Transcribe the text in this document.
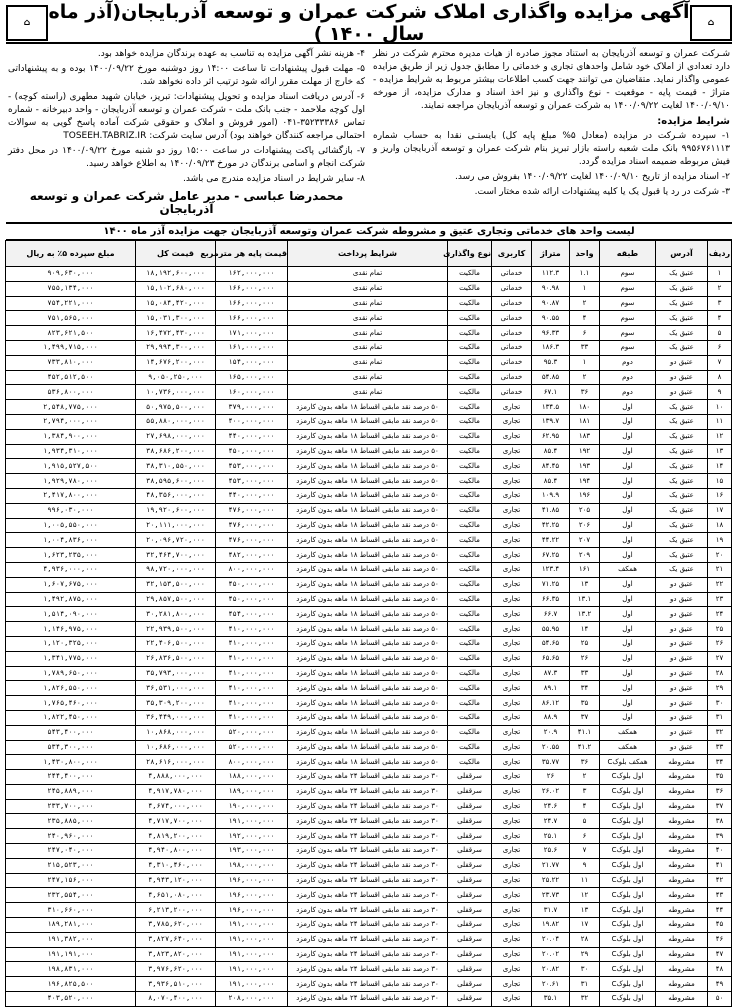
⌂
آگهی مزایده واگذاری املاک شرکت عمران و توسعه آذربایجان(آذر ماه سال ۱۴۰۰ )
⌂

شـرکت عمران و توسعه آذربایجان به استناد مجوز صادره از هیات مدیره محترم شرکت در نظر دارد تعدادی از املاک خود شامل واحدهای تجاری و خدماتی را مطابق جدول زیر از طریق مزایده عمومی واگذار نماید. متقاضیان می توانند جهت کسب اطلاعات بیشتر مربوط به شرایط مزایده - متراژ - قیمت پایه - موقعیت - نوع واگذاری و نیز اخذ اسناد و مدارک مزایده، از مورخه ۱۴۰۰/۰۹/۱۰ لغایت ۱۴۰۰/۰۹/۲۲ به شرکت عمران و توسعه آذربایجان مراجعه نمایند.

شرایط مزایده:

۱- سپرده شـرکت در مزایده (معادل ۵% مبلغ پایه کل) بایستـی نقدا به حساب شماره ۹۹۵۶۷۶۱۱۱۳ بانک ملت شعبه راسته بازار تبریز بنام شرکت عمران و توسعه آذربایجان واریز و فیش مربوطه ضمیمه اسناد مزایده گردد.

۲- اسناد مزایده از تاریخ ۱۴۰۰/۰۹/۱۰ لغایت ۱۴۰۰/۰۹/۲۲ بفروش می رسد.

۳- شرکت در رد یا قبول یک یا کلیه پیشنهادات ارائه شده مختار است.

۴- هزینه نشر آگهی مزایده به تناسب به عهده برندگان مزایده خواهد بود.

۵- مهلت قبول پیشنهادات تا ساعت ۱۴:۰۰ روز دوشنبه مورخ ۱۴۰۰/۰۹/۲۲ بوده و به پیشنهاداتی که خارج از مهلت مقرر ارائه شود ترتیب اثر داده نخواهد شد.

۶- آدرس دریافت اسناد مزایده و تحویل پیشنهادات: تبریز، خیابان شهید مطهری (راسته کوچه) - اول کوچه ملاحمد - جنب بانک ملت - شرکت عمران و توسعه آذربایجان - واحد دبیرخانه - شماره تماس ۳۵۲۳۳۳۸۶-۰۴۱ (امور فروش و املاک و حقوقی شرکت آماده پاسخ گویی به سوالات احتمالی مراجعه کنندگان خواهند بود) آدرس سایت شرکت: TOSEEH.TABRIZ.IR

۷- بازگشائی پاکت پیشنهادات در ساعت ۱۵:۰۰ روز دو شنبه مورخ ۱۴۰۰/۰۹/۲۲ در محل دفتر شرکت انجام و اسامی برندگان در مورخ ۱۴۰۰/۰۹/۲۳ به اطلاع خواهد رسید.

۸- سایر شرایط در اسناد مزایده مندرج می باشد.

محمدرضا عباسی - مدیر عامل شرکت عمران و توسعه آذربایجان
لیست واحد های خدماتی وتجاری عتیق و مشروطه شرکت عمران وتوسعه آذربایجان جهت مزایده آذر ماه ۱۴۰۰
ردیف	آدرس	طبقه	واحد	متراژ	کاربری	نوع واگذاری	شرایط پرداخت	قیمت پایه هر مترمربع	قیمت کل	مبلغ سپرده ۵٪ به ریال
۱	عتیق یک	سوم	۱.۱	۱۱۲.۳	خدماتی	مالکیت	تمام نقدی	۱۶۲,۰۰۰,۰۰۰	۱۸,۱۹۲,۶۰۰,۰۰۰	۹۰۹,۶۳۰,۰۰۰
۲	عتیق یک	سوم	۱	۹۰.۹۸	خدماتی	مالکیت	تمام نقدی	۱۶۶,۰۰۰,۰۰۰	۱۵,۱۰۲,۶۸۰,۰۰۰	۷۵۵,۱۳۴,۰۰۰
۳	عتیق یک	سوم	۲	۹۰.۸۷	خدماتی	مالکیت	تمام نقدی	۱۶۶,۰۰۰,۰۰۰	۱۵,۰۸۴,۴۲۰,۰۰۰	۷۵۴,۲۲۱,۰۰۰
۴	عتیق یک	سوم	۴	۹۰.۵۵	خدماتی	مالکیت	تمام نقدی	۱۶۶,۰۰۰,۰۰۰	۱۵,۰۳۱,۳۰۰,۰۰۰	۷۵۱,۵۶۵,۰۰۰
۵	عتیق یک	سوم	۶	۹۶.۳۳	خدماتی	مالکیت	تمام نقدی	۱۷۱,۰۰۰,۰۰۰	۱۶,۴۷۲,۴۳۰,۰۰۰	۸۲۳,۶۲۱,۵۰۰
۶	عتیق یک	سوم	۳۳	۱۸۶.۳	خدماتی	مالکیت	تمام نقدی	۱۶۱,۰۰۰,۰۰۰	۲۹,۹۹۴,۳۰۰,۰۰۰	۱,۴۹۹,۷۱۵,۰۰۰
۷	عتیق دو	دوم	۱	۹۵.۳	خدماتی	مالکیت	تمام نقدی	۱۵۴,۰۰۰,۰۰۰	۱۴,۶۷۶,۲۰۰,۰۰۰	۷۳۳,۸۱۰,۰۰۰
۸	عتیق دو	دوم	۲	۵۴.۸۵	خدماتی	مالکیت	تمام نقدی	۱۶۵,۰۰۰,۰۰۰	۹,۰۵۰,۲۵۰,۰۰۰	۴۵۲,۵۱۲,۵۰۰
۹	عتیق دو	دوم	۳۶	۶۷.۱	خدماتی	مالکیت	تمام نقدی	۱۶۰,۰۰۰,۰۰۰	۱۰,۷۳۶,۰۰۰,۰۰۰	۵۳۶,۸۰۰,۰۰۰
۱۰	عتیق یک	اول	۱۸۰	۱۳۴.۵	تجاری	مالکیت	۵۰ درصد نقد مابقی اقساط ۱۸ ماهه بدون کارمزد	۳۷۹,۰۰۰,۰۰۰	۵۰,۹۷۵,۵۰۰,۰۰۰	۲,۵۴۸,۷۷۵,۰۰۰
۱۱	عتیق یک	اول	۱۸۱	۱۳۹.۷	تجاری	مالکیت	۵۰ درصد نقد مابقی اقساط ۱۸ ماهه بدون کارمزد	۴۰۰,۰۰۰,۰۰۰	۵۵,۸۸۰,۰۰۰,۰۰۰	۲,۷۹۴,۰۰۰,۰۰۰
۱۲	عتیق یک	اول	۱۸۳	۶۲.۹۵	تجاری	مالکیت	۵۰ درصد نقد مابقی اقساط ۱۸ ماهه بدون کارمزد	۴۴۰,۰۰۰,۰۰۰	۲۷,۶۹۸,۰۰۰,۰۰۰	۱,۳۸۴,۹۰۰,۰۰۰
۱۳	عتیق یک	اول	۱۹۲	۸۵.۴	تجاری	مالکیت	۵۰ درصد نقد مابقی اقساط ۱۸ ماهه بدون کارمزد	۴۵۰,۰۰۰,۰۰۰	۳۸,۶۸۶,۲۰۰,۰۰۰	۱,۹۳۴,۳۱۰,۰۰۰
۱۴	عتیق یک	اول	۱۹۳	۸۴.۴۵	تجاری	مالکیت	۵۰ درصد نقد مابقی اقساط ۱۸ ماهه بدون کارمزد	۴۵۳,۰۰۰,۰۰۰	۳۸,۳۱۰,۵۵۰,۰۰۰	۱,۹۱۵,۵۲۷,۵۰۰
۱۵	عتیق یک	اول	۱۹۴	۸۵.۴	تجاری	مالکیت	۵۰ درصد نقد مابقی اقساط ۱۸ ماهه بدون کارمزد	۴۵۳,۰۰۰,۰۰۰	۳۸,۵۹۵,۶۰۰,۰۰۰	۱,۹۲۹,۷۸۰,۰۰۰
۱۶	عتیق یک	اول	۱۹۶	۱۰۹.۹	تجاری	مالکیت	۵۰ درصد نقد مابقی اقساط ۱۸ ماهه بدون کارمزد	۴۴۰,۰۰۰,۰۰۰	۴۸,۳۵۶,۰۰۰,۰۰۰	۲,۴۱۷,۸۰۰,۰۰۰
۱۷	عتیق یک	اول	۲۰۵	۴۱.۸۵	تجاری	مالکیت	۵۰ درصد نقد مابقی اقساط ۱۸ ماهه بدون کارمزد	۴۷۶,۰۰۰,۰۰۰	۱۹,۹۲۰,۶۰۰,۰۰۰	۹۹۶,۰۳۰,۰۰۰
۱۸	عتیق یک	اول	۲۰۶	۴۲.۲۵	تجاری	مالکیت	۵۰ درصد نقد مابقی اقساط ۱۸ ماهه بدون کارمزد	۴۷۶,۰۰۰,۰۰۰	۲۰,۱۱۱,۰۰۰,۰۰۰	۱,۰۰۵,۵۵۰,۰۰۰
۱۹	عتیق یک	اول	۲۰۷	۴۴.۲۲	تجاری	مالکیت	۵۰ درصد نقد مابقی اقساط ۱۸ ماهه بدون کارمزد	۴۷۶,۰۰۰,۰۰۰	۲۰,۰۹۶,۷۲۰,۰۰۰	۱,۰۰۴,۸۳۶,۰۰۰
۲۰	عتیق یک	اول	۲۰۹	۶۷.۲۵	تجاری	مالکیت	۵۰ درصد نقد مابقی اقساط ۱۸ ماهه بدون کارمزد	۴۸۲,۰۰۰,۰۰۰	۳۲,۴۶۴,۷۰۰,۰۰۰	۱,۶۲۳,۲۳۵,۰۰۰
۲۱	عتیق یک	همکف	۱۶۱	۱۲۳.۴	تجاری	مالکیت	۵۰ درصد نقد مابقی اقساط ۱۸ ماهه بدون کارمزد	۸۰۰,۰۰۰,۰۰۰	۹۸,۷۲۰,۰۰۰,۰۰۰	۴,۹۳۶,۰۰۰,۰۰۰
۲۲	عتیق دو	اول	۱۳	۷۱.۲۵	تجاری	مالکیت	۵۰ درصد نقد مابقی اقساط ۱۸ ماهه بدون کارمزد	۴۵۰,۰۰۰,۰۰۰	۳۲,۱۵۳,۵۰۰,۰۰۰	۱,۶۰۷,۶۷۵,۰۰۰
۲۳	عتیق دو	اول	۱۳.۱	۶۶.۳۵	تجاری	مالکیت	۵۰ درصد نقد مابقی اقساط ۱۸ ماهه بدون کارمزد	۴۵۰,۰۰۰,۰۰۰	۲۹,۸۵۷,۵۰۰,۰۰۰	۱,۴۹۲,۸۷۵,۰۰۰
۲۴	عتیق دو	اول	۱۳.۲	۶۶.۷	تجاری	مالکیت	۵۰ درصد نقد مابقی اقساط ۱۸ ماهه بدون کارمزد	۴۵۴,۰۰۰,۰۰۰	۳۰,۲۸۱,۸۰۰,۰۰۰	۱,۵۱۴,۰۹۰,۰۰۰
۲۵	عتیق دو	اول	۱۴	۵۵.۹۵	تجاری	مالکیت	۵۰ درصد نقد مابقی اقساط ۱۸ ماهه بدون کارمزد	۴۱۰,۰۰۰,۰۰۰	۲۲,۹۳۹,۵۰۰,۰۰۰	۱,۱۴۶,۹۷۵,۰۰۰
۲۶	عتیق دو	اول	۲۵	۵۴.۶۵	تجاری	مالکیت	۵۰ درصد نقد مابقی اقساط ۱۸ ماهه بدون کارمزد	۴۱۰,۰۰۰,۰۰۰	۲۲,۴۰۶,۵۰۰,۰۰۰	۱,۱۲۰,۳۲۵,۰۰۰
۲۷	عتیق دو	اول	۲۶	۶۵.۶۵	تجاری	مالکیت	۵۰ درصد نقد مابقی اقساط ۱۸ ماهه بدون کارمزد	۴۱۰,۰۰۰,۰۰۰	۲۶,۸۳۶,۵۰۰,۰۰۰	۱,۳۴۱,۷۷۵,۰۰۰
۲۸	عتیق دو	اول	۳۳	۸۷.۳	تجاری	مالکیت	۵۰ درصد نقد مابقی اقساط ۱۸ ماهه بدون کارمزد	۴۱۰,۰۰۰,۰۰۰	۳۵,۷۹۳,۰۰۰,۰۰۰	۱,۷۸۹,۶۵۰,۰۰۰
۲۹	عتیق دو	اول	۳۴	۸۹.۱	تجاری	مالکیت	۵۰ درصد نقد مابقی اقساط ۱۸ ماهه بدون کارمزد	۴۱۰,۰۰۰,۰۰۰	۳۶,۵۳۱,۰۰۰,۰۰۰	۱,۸۲۶,۵۵۰,۰۰۰
۳۰	عتیق دو	اول	۳۵	۸۶.۱۲	تجاری	مالکیت	۵۰ درصد نقد مابقی اقساط ۱۸ ماهه بدون کارمزد	۴۱۰,۰۰۰,۰۰۰	۳۵,۳۰۹,۲۰۰,۰۰۰	۱,۷۶۵,۴۶۰,۰۰۰
۳۱	عتیق دو	اول	۳۷	۸۸.۹	تجاری	مالکیت	۵۰ درصد نقد مابقی اقساط ۱۸ ماهه بدون کارمزد	۴۱۰,۰۰۰,۰۰۰	۳۶,۴۴۹,۰۰۰,۰۰۰	۱,۸۲۲,۴۵۰,۰۰۰
۳۲	عتیق دو	همکف	۴۱.۱	۲۰.۹	تجاری	مالکیت	۵۰ درصد نقد مابقی اقساط ۱۸ ماهه بدون کارمزد	۵۲۰,۰۰۰,۰۰۰	۱۰,۸۶۸,۰۰۰,۰۰۰	۵۴۳,۴۰۰,۰۰۰
۳۳	عتیق دو	همکف	۴۱.۲	۲۰.۵۵	تجاری	مالکیت	۵۰ درصد نقد مابقی اقساط ۱۸ ماهه بدون کارمزد	۵۲۰,۰۰۰,۰۰۰	۱۰,۶۸۶,۰۰۰,۰۰۰	۵۳۴,۳۰۰,۰۰۰
۳۴	مشروطه	همکف بلوکC	۳۶	۳۵.۷۷	تجاری	مالکیت	۵۰ درصد نقد مابقی اقساط ۱۸ ماهه بدون کارمزد	۸۰۰,۰۰۰,۰۰۰	۲۸,۶۱۶,۰۰۰,۰۰۰	۱,۴۳۰,۸۰۰,۰۰۰
۳۵	مشروطه	اول بلوکC	۲	۲۶	تجاری	سرقفلی	۳۰ درصد نقد مابقی اقساط ۲۴ ماهه بدون کارمزد	۱۸۸,۰۰۰,۰۰۰	۴,۸۸۸,۰۰۰,۰۰۰	۲۴۴,۴۰۰,۰۰۰
۳۶	مشروطه	اول بلوکC	۳	۲۶.۰۲	تجاری	سرقفلی	۳۰ درصد نقد مابقی اقساط ۲۴ ماهه بدون کارمزد	۱۸۹,۰۰۰,۰۰۰	۴,۹۱۷,۷۸۰,۰۰۰	۲۴۵,۸۸۹,۰۰۰
۳۷	مشروطه	اول بلوکC	۴	۲۴.۶	تجاری	سرقفلی	۳۰ درصد نقد مابقی اقساط ۲۴ ماهه بدون کارمزد	۱۹۰,۰۰۰,۰۰۰	۴,۶۷۴,۰۰۰,۰۰۰	۲۳۳,۷۰۰,۰۰۰
۳۸	مشروطه	اول بلوکC	۵	۲۴.۷	تجاری	سرقفلی	۳۰ درصد نقد مابقی اقساط ۲۴ ماهه بدون کارمزد	۱۹۱,۰۰۰,۰۰۰	۴,۷۱۷,۷۰۰,۰۰۰	۲۳۵,۸۸۵,۰۰۰
۳۹	مشروطه	اول بلوکC	۶	۲۵.۱	تجاری	سرقفلی	۳۰ درصد نقد مابقی اقساط ۲۴ ماهه بدون کارمزد	۱۹۲,۰۰۰,۰۰۰	۴,۸۱۹,۲۰۰,۰۰۰	۲۴۰,۹۶۰,۰۰۰
۴۰	مشروطه	اول بلوکC	۷	۲۵.۶	تجاری	سرقفلی	۳۰ درصد نقد مابقی اقساط ۲۴ ماهه بدون کارمزد	۱۹۳,۰۰۰,۰۰۰	۴,۹۴۰,۸۰۰,۰۰۰	۲۴۷,۰۴۰,۰۰۰
۴۱	مشروطه	اول بلوکC	۹	۲۱.۷۷	تجاری	سرقفلی	۳۰ درصد نقد مابقی اقساط ۲۴ ماهه بدون کارمزد	۱۹۸,۰۰۰,۰۰۰	۴,۳۱۰,۴۶۰,۰۰۰	۲۱۵,۵۲۳,۰۰۰
۴۲	مشروطه	اول بلوکC	۱۱	۲۵.۲۲	تجاری	سرقفلی	۳۰ درصد نقد مابقی اقساط ۲۴ ماهه بدون کارمزد	۱۹۶,۰۰۰,۰۰۰	۴,۹۴۳,۱۲۰,۰۰۰	۲۴۷,۱۵۶,۰۰۰
۴۳	مشروطه	اول بلوکC	۱۲	۲۳.۷۳	تجاری	سرقفلی	۳۰ درصد نقد مابقی اقساط ۲۴ ماهه بدون کارمزد	۱۹۶,۰۰۰,۰۰۰	۴,۶۵۱,۰۸۰,۰۰۰	۲۳۲,۵۵۴,۰۰۰
۴۴	مشروطه	اول بلوکC	۱۳	۳۱.۷	تجاری	سرقفلی	۳۰ درصد نقد مابقی اقساط ۲۴ ماهه بدون کارمزد	۱۹۶,۰۰۰,۰۰۰	۶,۲۱۳,۲۰۰,۰۰۰	۳۱۰,۶۶۰,۰۰۰
۴۵	مشروطه	اول بلوکC	۱۷	۱۹.۸۲	تجاری	سرقفلی	۳۰ درصد نقد مابقی اقساط ۲۴ ماهه بدون کارمزد	۱۹۱,۰۰۰,۰۰۰	۳,۷۸۵,۶۲۰,۰۰۰	۱۸۹,۲۸۱,۰۰۰
۴۶	مشروطه	اول بلوکC	۲۸	۲۰.۰۴	تجاری	سرقفلی	۳۰ درصد نقد مابقی اقساط ۲۴ ماهه بدون کارمزد	۱۹۱,۰۰۰,۰۰۰	۳,۸۲۷,۶۴۰,۰۰۰	۱۹۱,۳۸۲,۰۰۰
۴۷	مشروطه	اول بلوکC	۲۹	۲۰.۰۲	تجاری	سرقفلی	۳۰ درصد نقد مابقی اقساط ۲۴ ماهه بدون کارمزد	۱۹۱,۰۰۰,۰۰۰	۳,۸۲۳,۸۲۰,۰۰۰	۱۹۱,۱۹۱,۰۰۰
۴۸	مشروطه	اول بلوکC	۳۰	۲۰.۸۲	تجاری	سرقفلی	۳۰ درصد نقد مابقی اقساط ۲۴ ماهه بدون کارمزد	۱۹۱,۰۰۰,۰۰۰	۳,۹۷۶,۶۲۰,۰۰۰	۱۹۸,۸۳۱,۰۰۰
۴۹	مشروطه	اول بلوکC	۳۱	۲۰.۶۱	تجاری	سرقفلی	۳۰ درصد نقد مابقی اقساط ۲۴ ماهه بدون کارمزد	۱۹۱,۰۰۰,۰۰۰	۳,۹۳۶,۵۱۰,۰۰۰	۱۹۶,۸۲۵,۵۰۰
۵۰	مشروطه	اول بلوکC	۳۲	۳۵.۱	تجاری	سرقفلی	۳۰ درصد نقد مابقی اقساط ۲۴ ماهه بدون کارمزد	۲۰۸,۰۰۰,۰۰۰	۸,۰۷۰,۴۰۰,۰۰۰	۴۰۳,۵۲۰,۰۰۰
